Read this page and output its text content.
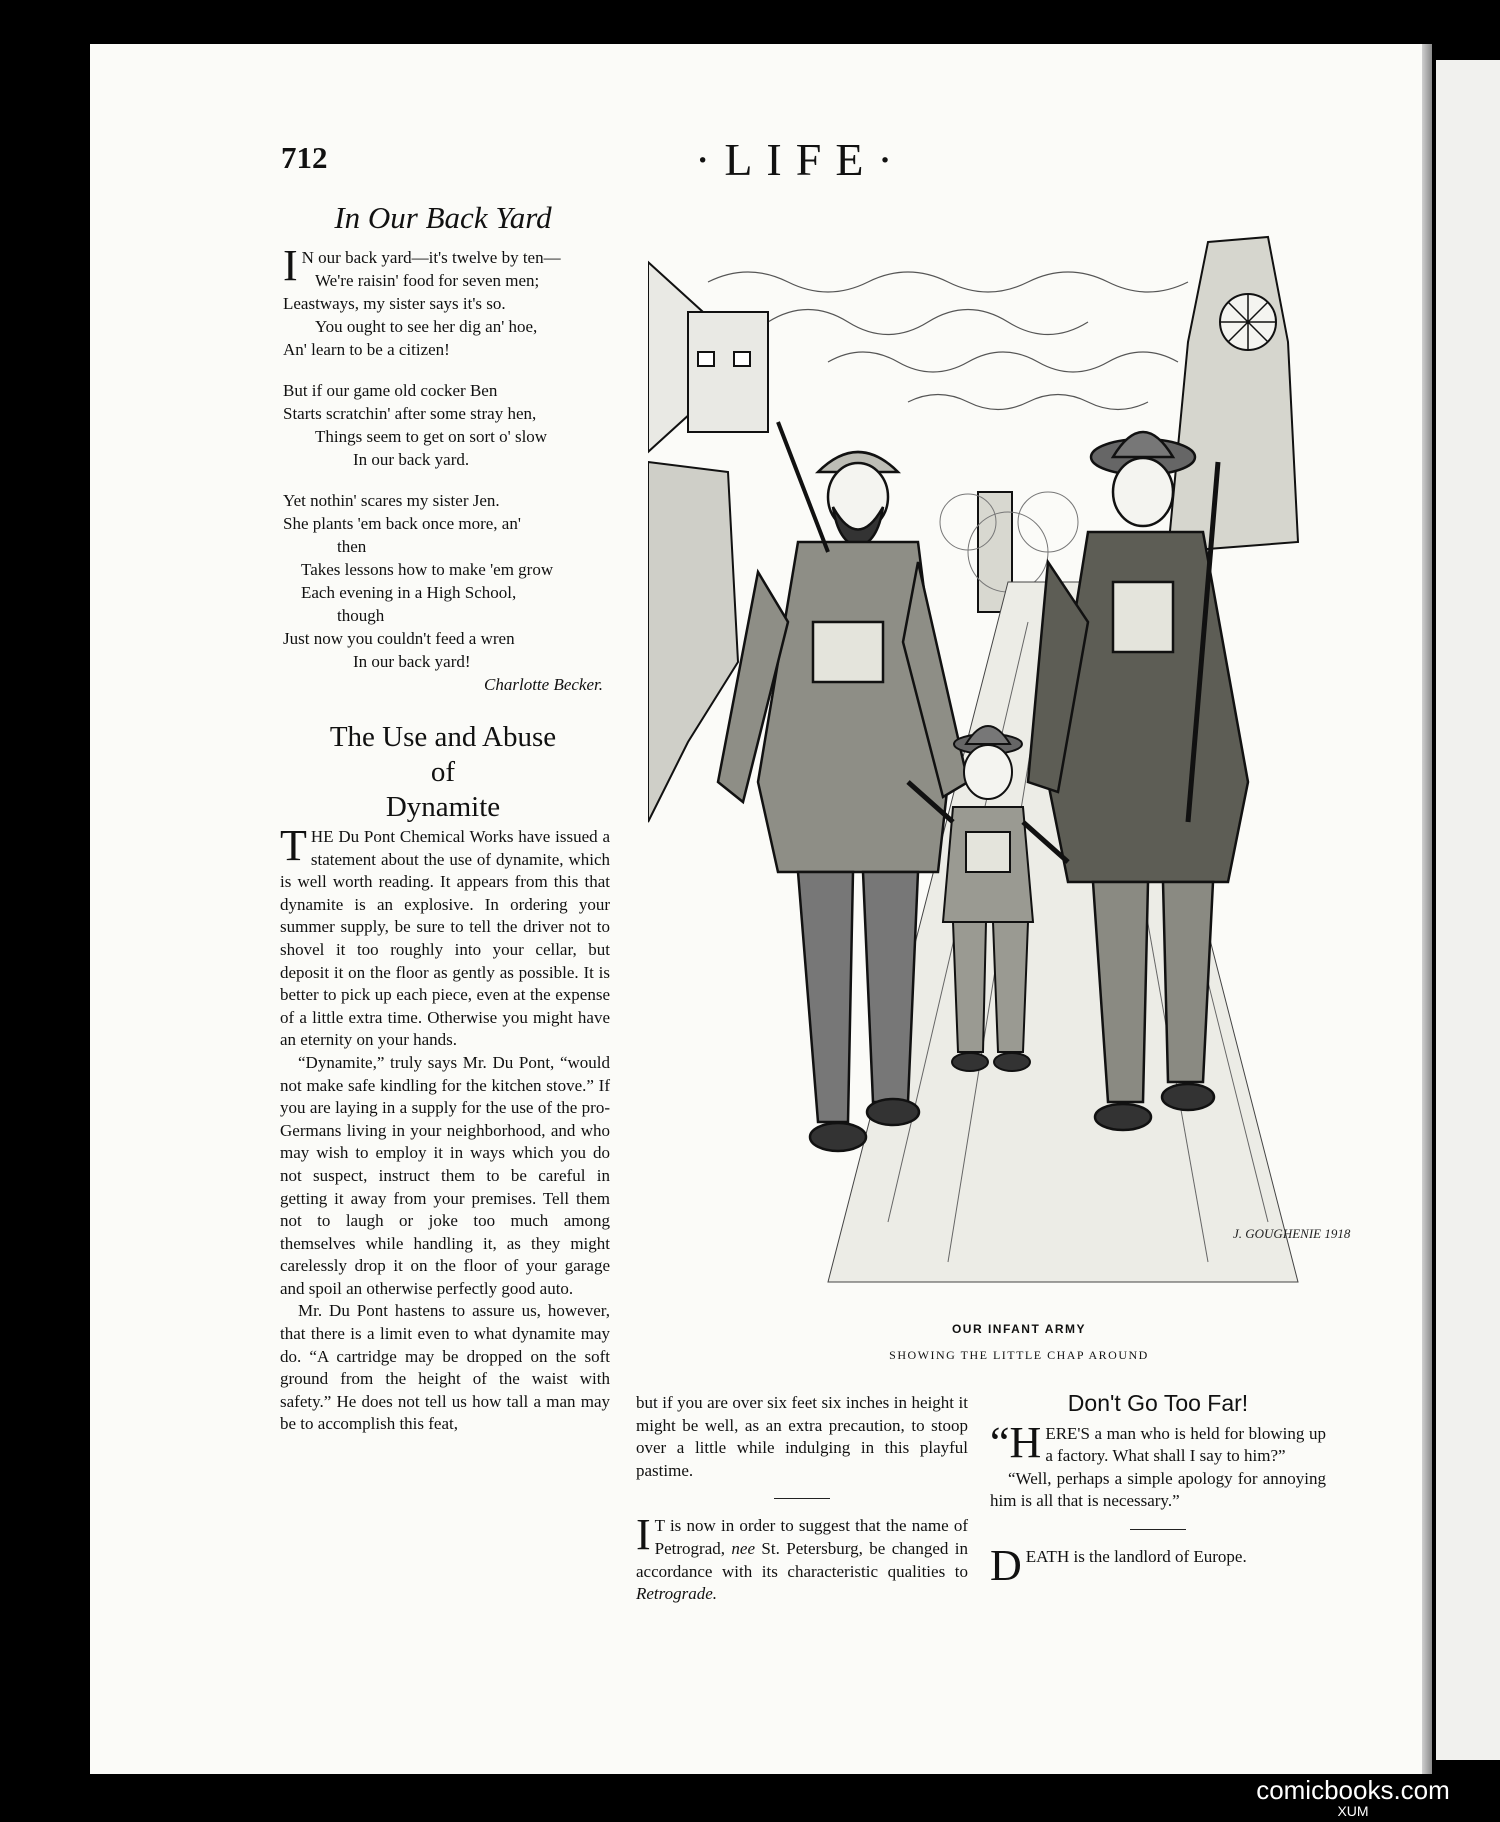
712	·LIFE·

In Our Back Yard
I N our back yard—it's twelve by ten—

We're raisin' food for seven men;

Leastways, my sister says it's so.

You ought to see her dig an' hoe,

An' learn to be a citizen!

But if our game old cocker Ben

Starts scratchin' after some stray hen,

Things seem to get on sort o' slow

In our back yard.

Yet nothin' scares my sister Jen.

She plants 'em back once more, an'

then

Takes lessons how to make 'em grow

Each evening in a High School,

though

Just now you couldn't feed a wren

In our back yard!

Charlotte Becker.

The Use and Abuse
of
Dynamite

THE Du Pont Chemical Works have issued a statement about the use of dynamite, which is well worth reading. It appears from this that dynamite is an explosive. In ordering your summer supply, be sure to tell the driver not to shovel it too roughly into your cellar, but deposit it on the floor as gently as possible. It is better to pick up each piece, even at the expense of a little extra time. Otherwise you might have an eternity on your hands.

“Dynamite,” truly says Mr. Du Pont, “would not make safe kindling for the kitchen stove.” If you are laying in a supply for the use of the pro-Germans living in your neighborhood, and who may wish to employ it in ways which you do not suspect, instruct them to be careful in getting it away from your premises. Tell them not to laugh or joke too much among themselves while handling it, as they might carelessly drop it on the floor of your garage and spoil an otherwise perfectly good auto.

Mr. Du Pont hastens to assure us, however, that there is a limit even to what dynamite may do. “A cartridge may be dropped on the soft ground from the height of the waist with safety.” He does not tell us how tall a man may be to accomplish this feat,

J. GOUGHENIE 1918

OUR INFANT ARMY

SHOWING THE LITTLE CHAP AROUND

but if you are over six feet six inches in height it might be well, as an extra precaution, to stoop over a little while indulging in this playful pastime.

I T is now in order to suggest that the name of Petrograd, nee St. Petersburg, be changed in accordance with its characteristic qualities to Retrograde.

Don't Go Too Far!

“HERE'S a man who is held for blowing up a factory. What shall I say to him?”

“Well, perhaps a simple apology for annoying him is all that is necessary.”

DEATH is the landlord of Europe.

comicbooks.com
XUM
